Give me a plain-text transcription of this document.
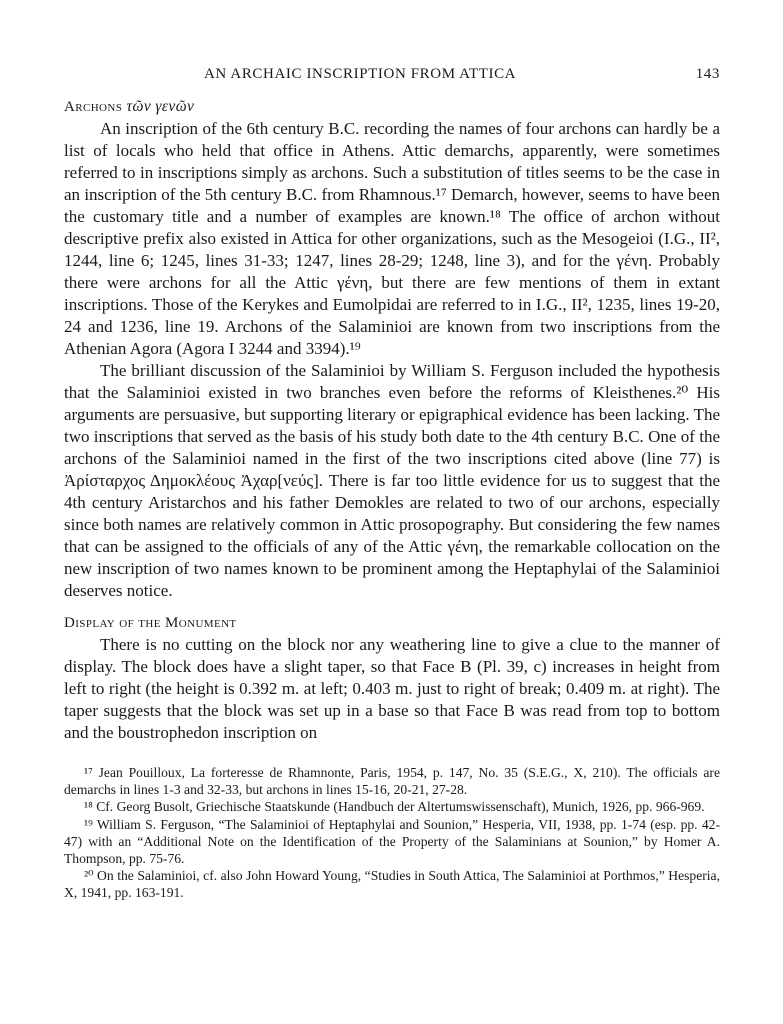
AN ARCHAIC INSCRIPTION FROM ATTICA	143
Archons τῶν γενῶν

An inscription of the 6th century B.C. recording the names of four archons can hardly be a list of locals who held that office in Athens. Attic demarchs, apparently, were sometimes referred to in inscriptions simply as archons. Such a substitution of titles seems to be the case in an inscription of the 5th century B.C. from Rhamnous.¹⁷ Demarch, however, seems to have been the customary title and a number of examples are known.¹⁸ The office of archon without descriptive prefix also existed in Attica for other organizations, such as the Mesogeioi (I.G., II², 1244, line 6; 1245, lines 31-33; 1247, lines 28-29; 1248, line 3), and for the γένη. Probably there were archons for all the Attic γένη, but there are few mentions of them in extant inscriptions. Those of the Kerykes and Eumolpidai are referred to in I.G., II², 1235, lines 19-20, 24 and 1236, line 19. Archons of the Salaminioi are known from two inscriptions from the Athenian Agora (Agora I 3244 and 3394).¹⁹

The brilliant discussion of the Salaminioi by William S. Ferguson included the hypothesis that the Salaminioi existed in two branches even before the reforms of Kleisthenes.²⁰ His arguments are persuasive, but supporting literary or epigraphical evidence has been lacking. The two inscriptions that served as the basis of his study both date to the 4th century B.C. One of the archons of the Salaminioi named in the first of the two inscriptions cited above (line 77) is Ἀρίσταρχος Δημοκλέους Ἀχαρ[νεύς]. There is far too little evidence for us to suggest that the 4th century Aristarchos and his father Demokles are related to two of our archons, especially since both names are relatively common in Attic prosopography. But considering the few names that can be assigned to the officials of any of the Attic γένη, the remarkable collocation on the new inscription of two names known to be prominent among the Heptaphylai of the Salaminioi deserves notice.

Display of the Monument

There is no cutting on the block nor any weathering line to give a clue to the manner of display. The block does have a slight taper, so that Face B (Pl. 39, c) increases in height from left to right (the height is 0.392 m. at left; 0.403 m. just to right of break; 0.409 m. at right). The taper suggests that the block was set up in a base so that Face B was read from top to bottom and the boustrophedon inscription on

¹⁷ Jean Pouilloux, La forteresse de Rhamnonte, Paris, 1954, p. 147, No. 35 (S.E.G., X, 210). The officials are demarchs in lines 1-3 and 32-33, but archons in lines 15-16, 20-21, 27-28.

¹⁸ Cf. Georg Busolt, Griechische Staatskunde (Handbuch der Altertumswissenschaft), Munich, 1926, pp. 966-969.

¹⁹ William S. Ferguson, “The Salaminioi of Heptaphylai and Sounion,” Hesperia, VII, 1938, pp. 1-74 (esp. pp. 42-47) with an “Additional Note on the Identification of the Property of the Salaminians at Sounion,” by Homer A. Thompson, pp. 75-76.

²⁰ On the Salaminioi, cf. also John Howard Young, “Studies in South Attica, The Salaminioi at Porthmos,” Hesperia, X, 1941, pp. 163-191.
